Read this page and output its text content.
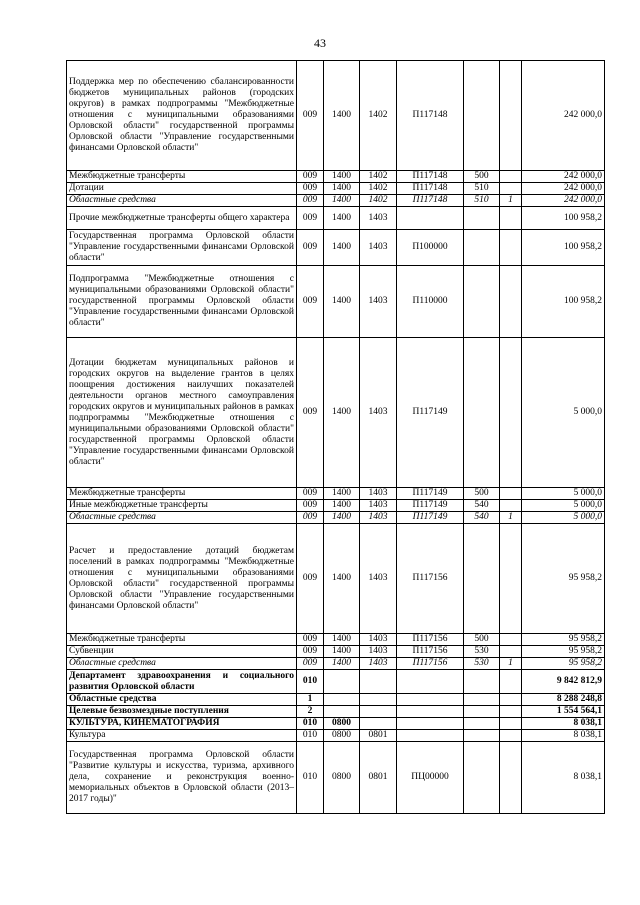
43
Поддержка мер по обеспечению сбалансированности бюджетов муниципальных районов (городских округов) в рамках подпрограммы "Межбюджетные отношения с муниципальными образованиями Орловской области" государственной программы Орловской области "Управление государственными финансами Орловской области"	009	1400	1402	П117148			242 000,0
Межбюджетные трансферты	009	1400	1402	П117148	500		242 000,0
Дотации	009	1400	1402	П117148	510		242 000,0
Областные средства	009	1400	1402	П117148	510	1	242 000,0
Прочие межбюджетные трансферты общего характера	009	1400	1403				100 958,2
Государственная программа Орловской области "Управление государственными финансами Орловской области"	009	1400	1403	П100000			100 958,2
Подпрограмма "Межбюджетные отношения с муниципальными образованиями Орловской области" государственной программы Орловской области "Управление государственными финансами Орловской области"	009	1400	1403	П110000			100 958,2
Дотации бюджетам муниципальных районов и городских округов на выделение грантов в целях поощрения достижения наилучших показателей деятельности органов местного самоуправления городских округов и муниципальных районов в рамках подпрограммы "Межбюджетные отношения с муниципальными образованиями Орловской области" государственной программы Орловской области "Управление государственными финансами Орловской области"	009	1400	1403	П117149			5 000,0
Межбюджетные трансферты	009	1400	1403	П117149	500		5 000,0
Иные межбюджетные трансферты	009	1400	1403	П117149	540		5 000,0
Областные средства	009	1400	1403	П117149	540	1	5 000,0
Расчет и предоставление дотаций бюджетам поселений в рамках подпрограммы "Межбюджетные отношения с муниципальными образованиями Орловской области" государственной программы Орловской области "Управление государственными финансами Орловской области"	009	1400	1403	П117156			95 958,2
Межбюджетные трансферты	009	1400	1403	П117156	500		95 958,2
Субвенции	009	1400	1403	П117156	530		95 958,2
Областные средства	009	1400	1403	П117156	530	1	95 958,2
Департамент здравоохранения и социального развития Орловской области	010						9 842 812,9
Областные средства	1						8 288 248,8
Целевые безвозмездные поступления	2						1 554 564,1
КУЛЬТУРА, КИНЕМАТОГРАФИЯ	010	0800					8 038,1
Культура	010	0800	0801				8 038,1
Государственная программа Орловской области "Развитие культуры и искусства, туризма, архивного дела, сохранение и реконструкция военно-мемориальных объектов в Орловской области (2013–2017 годы)"	010	0800	0801	ПЦ00000			8 038,1
